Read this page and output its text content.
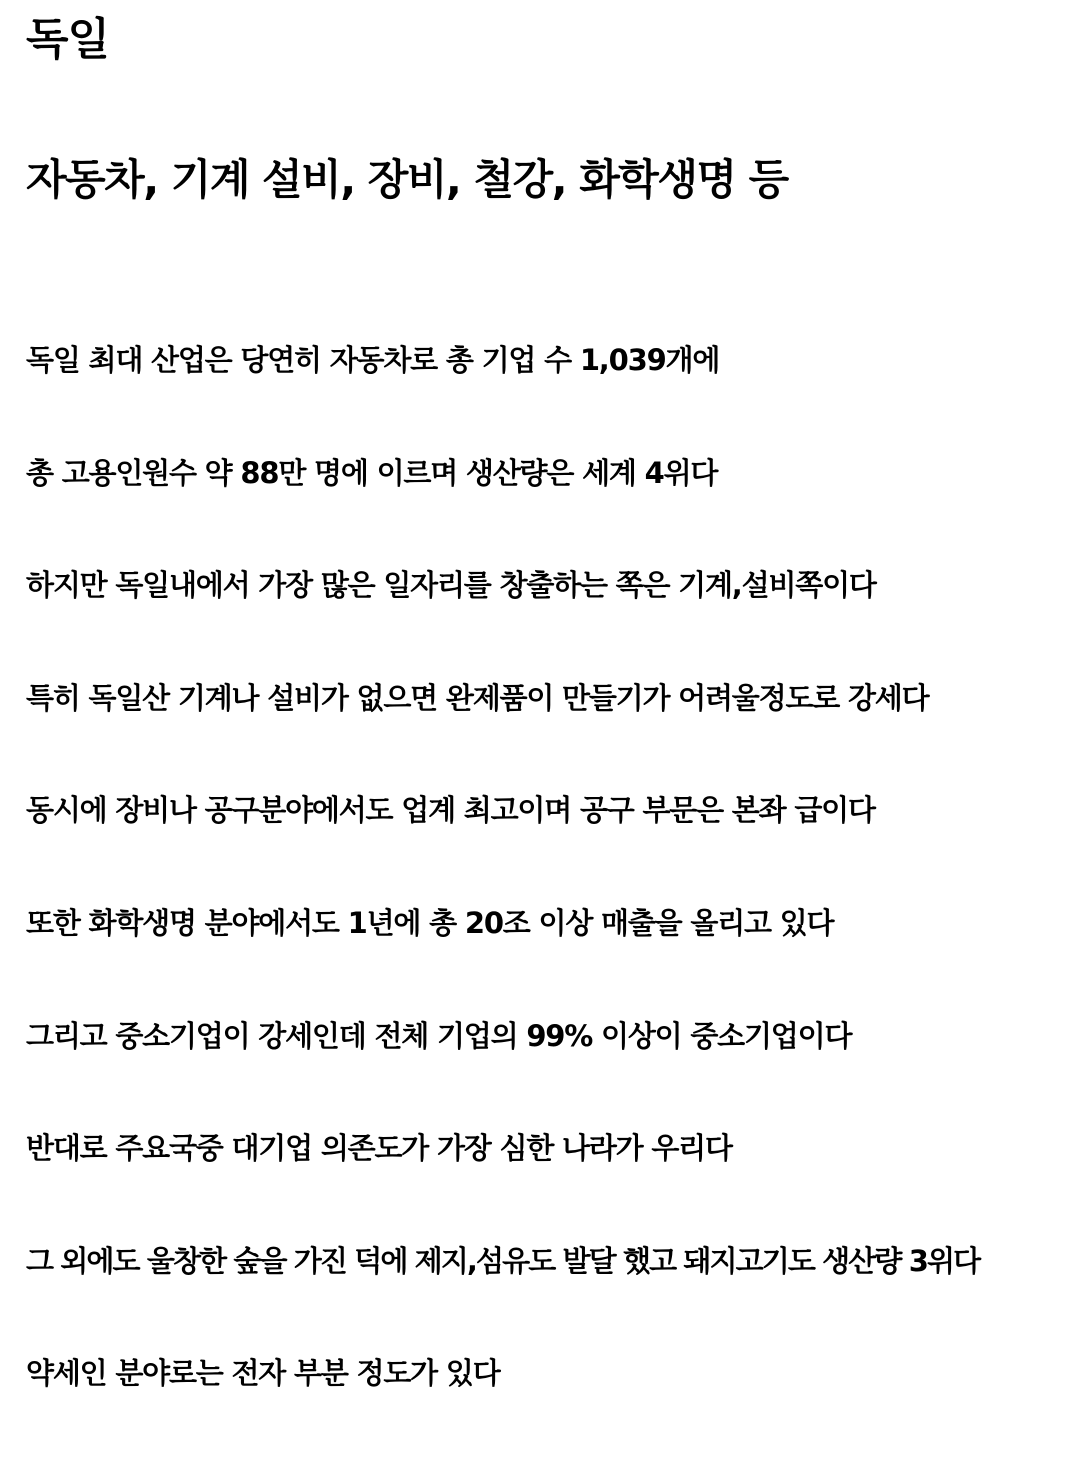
독일
자동차, 기계 설비, 장비, 철강, 화학생명 등
독일 최대 산업은 당연히 자동차로 총 기업 수 1,039개에
총 고용인원수 약 88만 명에 이르며 생산량은 세계 4위다
하지만 독일내에서 가장 많은 일자리를 창출하는 쪽은 기계,설비쪽이다
특히 독일산 기계나 설비가 없으면 완제품이 만들기가 어려울정도로 강세다
동시에 장비나 공구분야에서도 업계 최고이며 공구 부문은 본좌 급이다
또한 화학생명 분야에서도 1년에 총 20조 이상 매출을 올리고 있다
그리고 중소기업이 강세인데 전체 기업의 99% 이상이 중소기업이다
반대로 주요국중 대기업 의존도가 가장 심한 나라가 우리다
그 외에도 울창한 숲을 가진 덕에 제지,섬유도 발달 했고 돼지고기도 생산량 3위다
약세인 분야로는 전자 부분 정도가 있다
